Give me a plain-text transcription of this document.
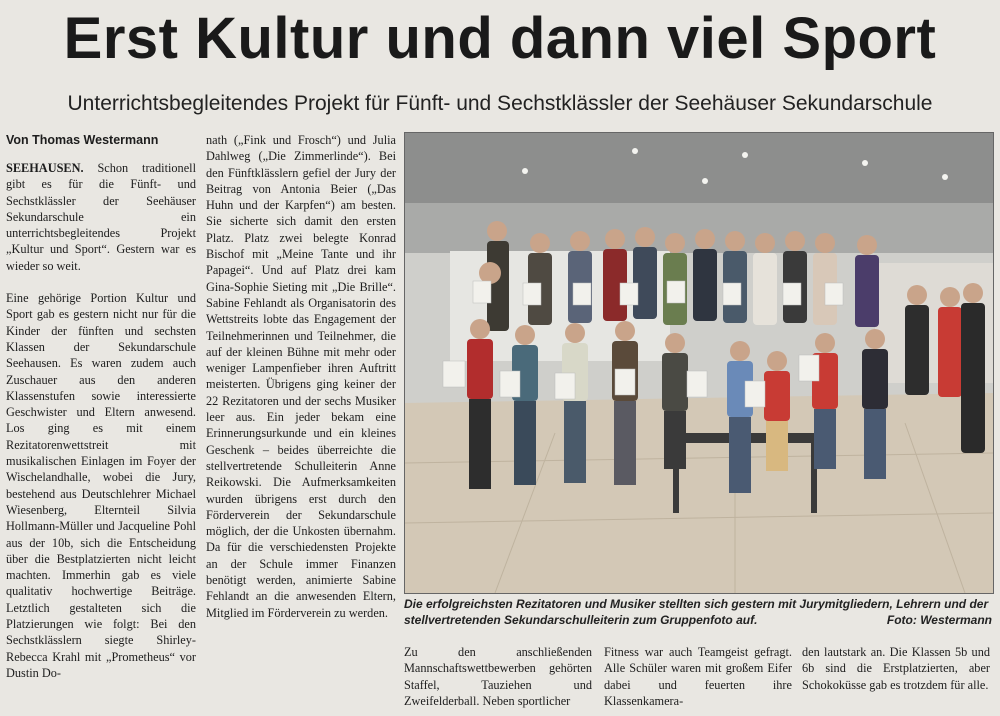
Erst Kultur und dann viel Sport
Unterrichtsbegleitendes Projekt für Fünft- und Sechstklässler der Seehäuser Sekundarschule
Von Thomas Westermann

SEEHAUSEN. Schon traditionell gibt es für die Fünft- und Sechstklässler der Seehäuser Sekundarschule ein unterrichtsbegleitendes Projekt „Kultur und Sport“. Gestern war es wieder so weit.

Eine gehörige Portion Kultur und Sport gab es gestern nicht nur für die Kinder der fünften und sechsten Klassen der Sekundarschule Seehausen. Es waren zudem auch Zuschauer aus den anderen Klassenstufen sowie interessierte Geschwister und Eltern anwesend. Los ging es mit einem Rezitatorenwettstreit mit musikalischen Einlagen im Foyer der Wischelandhalle, wobei die Jury, bestehend aus Deutschlehrer Michael Wiesenberg, Elternteil Silvia Hollmann-Müller und Jacqueline Pohl aus der 10b, sich die Entscheidung über die Bestplatzierten nicht leicht machten. Immerhin gab es viele qualitativ hochwertige Beiträge. Letztlich gestalteten sich die Platzierungen wie folgt: Bei den Sechstklässlern siegte Shirley-Rebecca Krahl mit „Prometheus“ vor Dustin Do-

nath („Fink und Frosch“) und Julia Dahlweg („Die Zimmerlinde“). Bei den Fünftklässlern gefiel der Jury der Beitrag von Antonia Beier („Das Huhn und der Karpfen“) am besten. Sie sicherte sich damit den ersten Platz. Platz zwei belegte Konrad Bischof mit „Meine Tante und ihr Papagei“. Und auf Platz drei kam Gina-Sophie Sieting mit „Die Brille“. Sabine Fehlandt als Organisatorin des Wettstreits lobte das Engagement der Teilnehmerinnen und Teilnehmer, die auf der kleinen Bühne mit mehr oder weniger Lampenfieber ihren Auftritt meisterten. Übrigens ging keiner der 22 Rezitatoren und der sechs Musiker leer aus. Ein jeder bekam eine Erinnerungsurkunde und ein kleines Geschenk – beides überreichte die stellvertretende Schulleiterin Anne Reikowski. Die Aufmerksamkeiten wurden übrigens erst durch den Förderverein der Sekundarschule möglich, der die Unkosten übernahm. Da für die verschiedensten Projekte an der Schule immer Finanzen benötigt werden, animierte Sabine Fehlandt an die anwesenden Eltern, Mitglied im Förderverein zu werden.

Die erfolgreichsten Rezitatoren und Musiker stellten sich gestern mit Jurymitgliedern, Lehrern und der stellvertretenden Sekundarschulleiterin zum Gruppenfoto auf.	Foto: Westermann
Zu den anschließenden Mannschaftswettbewerben gehörten Staffel, Tauziehen und Zweifelderball. Neben sportlicher
Fitness war auch Teamgeist gefragt. Alle Schüler waren mit großem Eifer dabei und feuerten ihre Klassenkamera-
den lautstark an. Die Klassen 5b und 6b sind die Erstplatzierten, aber Schokoküsse gab es trotzdem für alle.
